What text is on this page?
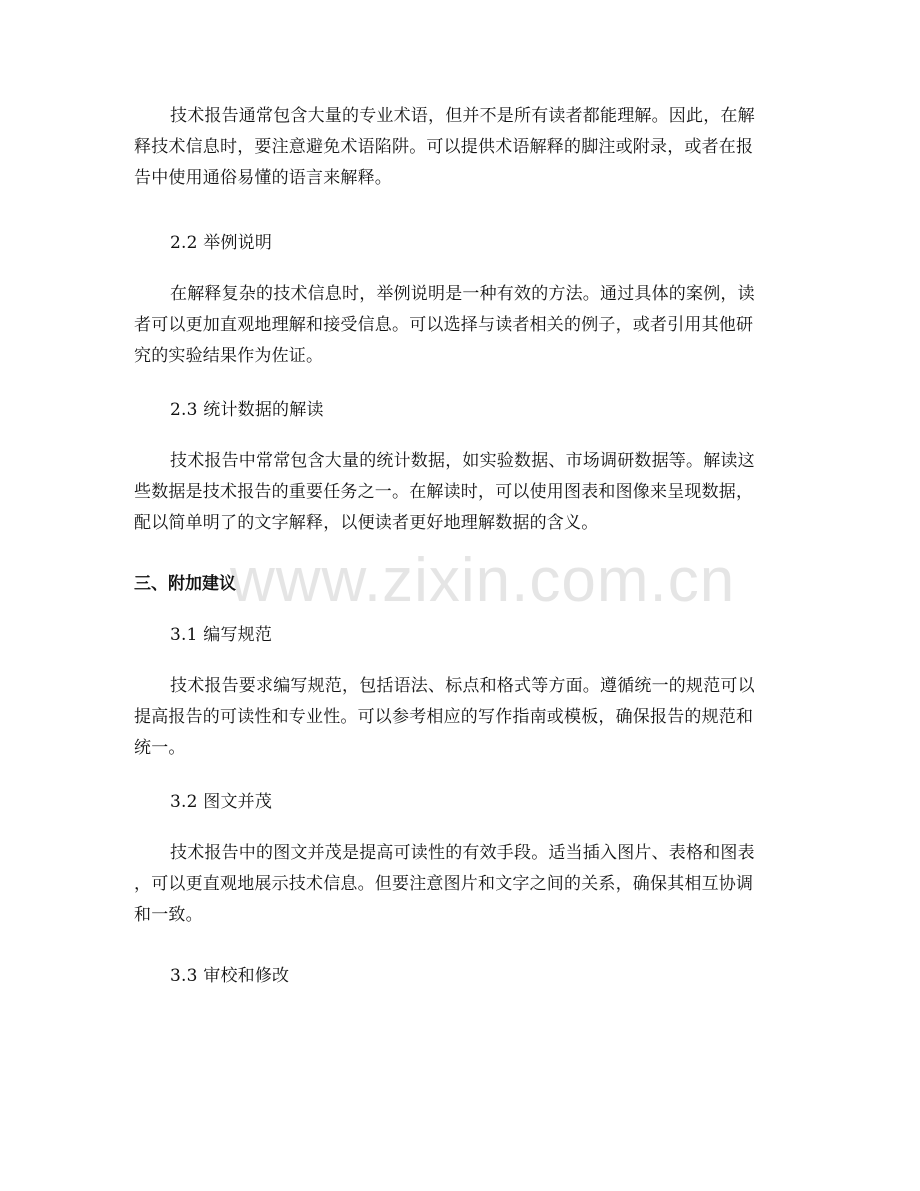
www.zixin.com.cn
技术报告通常包含大量的专业术语，但并不是所有读者都能理解。因此，在解
释技术信息时，要注意避免术语陷阱。可以提供术语解释的脚注或附录，或者在报
告中使用通俗易懂的语言来解释。
2.2 举例说明
在解释复杂的技术信息时，举例说明是一种有效的方法。通过具体的案例，读
者可以更加直观地理解和接受信息。可以选择与读者相关的例子，或者引用其他研
究的实验结果作为佐证。
2.3 统计数据的解读
技术报告中常常包含大量的统计数据，如实验数据、市场调研数据等。解读这
些数据是技术报告的重要任务之一。在解读时，可以使用图表和图像来呈现数据，
配以简单明了的文字解释，以便读者更好地理解数据的含义。
三、附加建议
3.1 编写规范
技术报告要求编写规范，包括语法、标点和格式等方面。遵循统一的规范可以
提高报告的可读性和专业性。可以参考相应的写作指南或模板，确保报告的规范和
统一。
3.2 图文并茂
技术报告中的图文并茂是提高可读性的有效手段。适当插入图片、表格和图表
，可以更直观地展示技术信息。但要注意图片和文字之间的关系，确保其相互协调
和一致。
3.3 审校和修改
